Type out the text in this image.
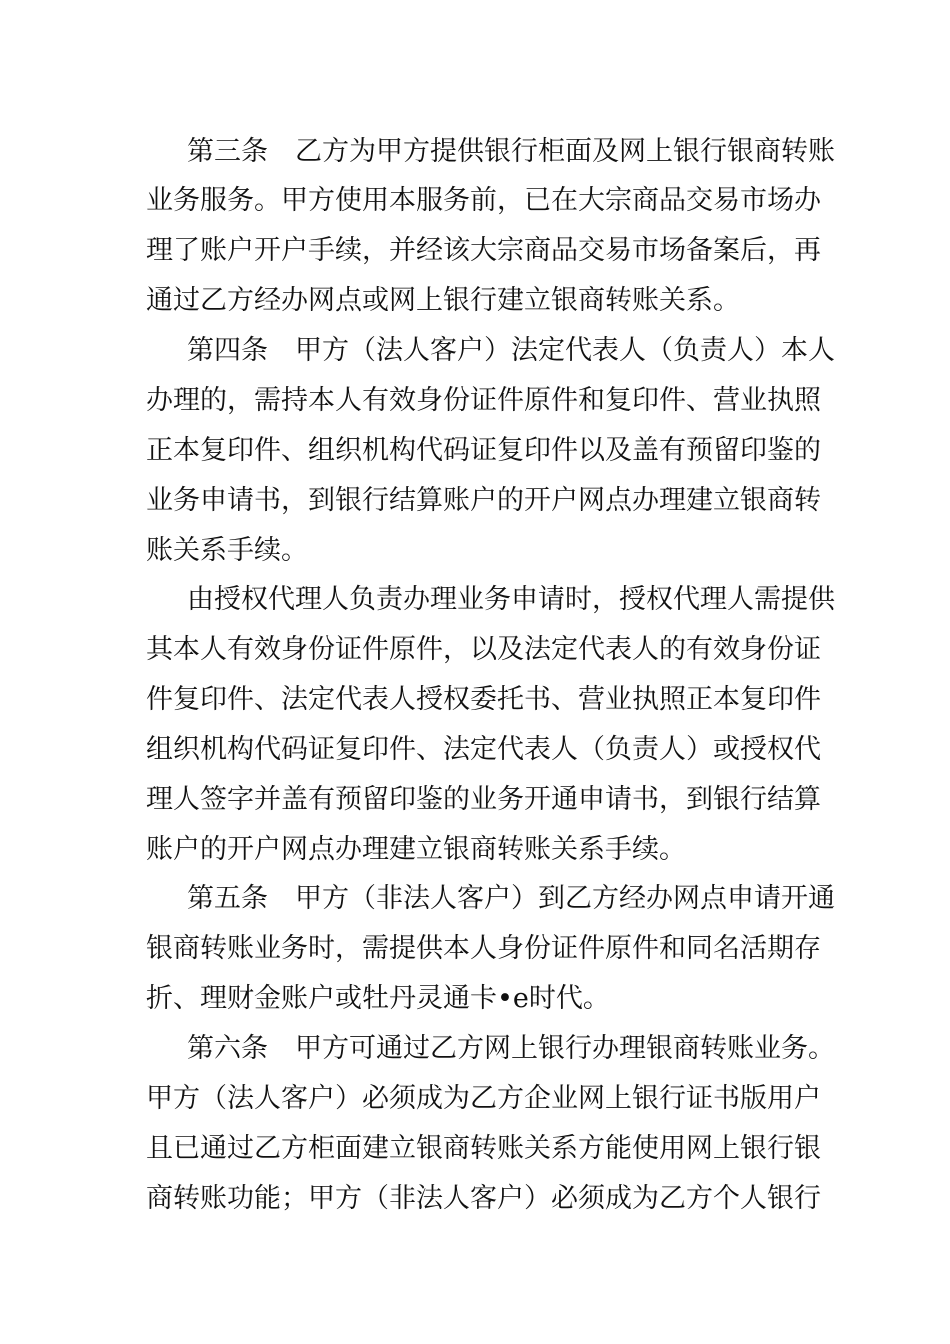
第三条　乙方为甲方提供银行柜面及网上银行银商转账
业务服务。甲方使用本服务前，已在大宗商品交易市场办
理了账户开户手续，并经该大宗商品交易市场备案后，再
通过乙方经办网点或网上银行建立银商转账关系。
第四条　甲方（法人客户）法定代表人（负责人）本人
办理的，需持本人有效身份证件原件和复印件、营业执照
正本复印件、组织机构代码证复印件以及盖有预留印鉴的
业务申请书，到银行结算账户的开户网点办理建立银商转
账关系手续。
由授权代理人负责办理业务申请时，授权代理人需提供
其本人有效身份证件原件，以及法定代表人的有效身份证
件复印件、法定代表人授权委托书、营业执照正本复印件
组织机构代码证复印件、法定代表人（负责人）或授权代
理人签字并盖有预留印鉴的业务开通申请书，到银行结算
账户的开户网点办理建立银商转账关系手续。
第五条　甲方（非法人客户）到乙方经办网点申请开通
银商转账业务时，需提供本人身份证件原件和同名活期存
折、理财金账户或牡丹灵通卡•e时代。
第六条　甲方可通过乙方网上银行办理银商转账业务。
甲方（法人客户）必须成为乙方企业网上银行证书版用户
且已通过乙方柜面建立银商转账关系方能使用网上银行银
商转账功能；甲方（非法人客户）必须成为乙方个人银行
